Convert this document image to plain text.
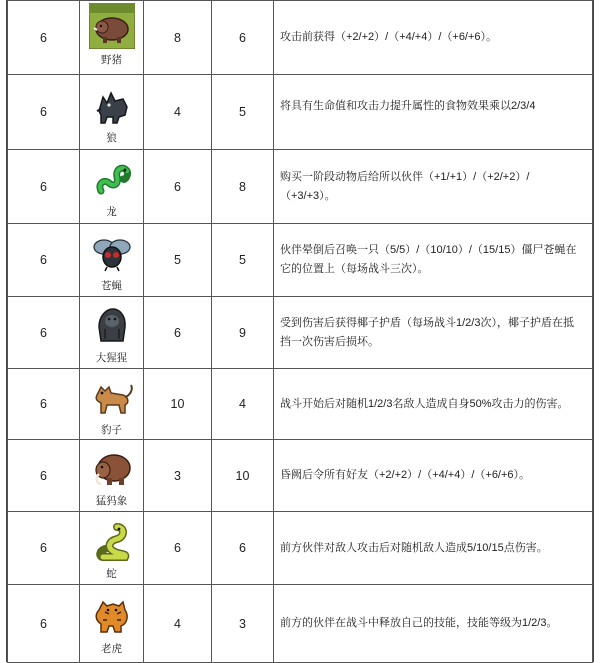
6	野猪	8	6	攻击前获得（+2/+2）/（+4/+4）/（+6/+6）。
6	狼	4	5	将具有生命值和攻击力提升属性的食物效果乘以2/3/4
6	龙	6	8	购买一阶段动物后给所以伙伴（+1/+1）/（+2/+2）/（+3/+3）。
6	苍蝇	5	5	伙伴晕倒后召唤一只（5/5）/（10/10）/（15/15）僵尸苍蝇在它的位置上（每场战斗三次）。
6	大猩猩	6	9	受到伤害后获得椰子护盾（每场战斗1/2/3次），椰子护盾在抵挡一次伤害后损坏。
6	豹子	10	4	战斗开始后对随机1/2/3名敌人造成自身50%攻击力的伤害。
6	猛犸象	3	10	昏阙后令所有好友（+2/+2）/（+4/+4）/（+6/+6）。
6	蛇	6	6	前方伙伴对敌人攻击后对随机敌人造成5/10/15点伤害。
6	老虎	4	3	前方的伙伴在战斗中释放自己的技能，技能等级为1/2/3。
